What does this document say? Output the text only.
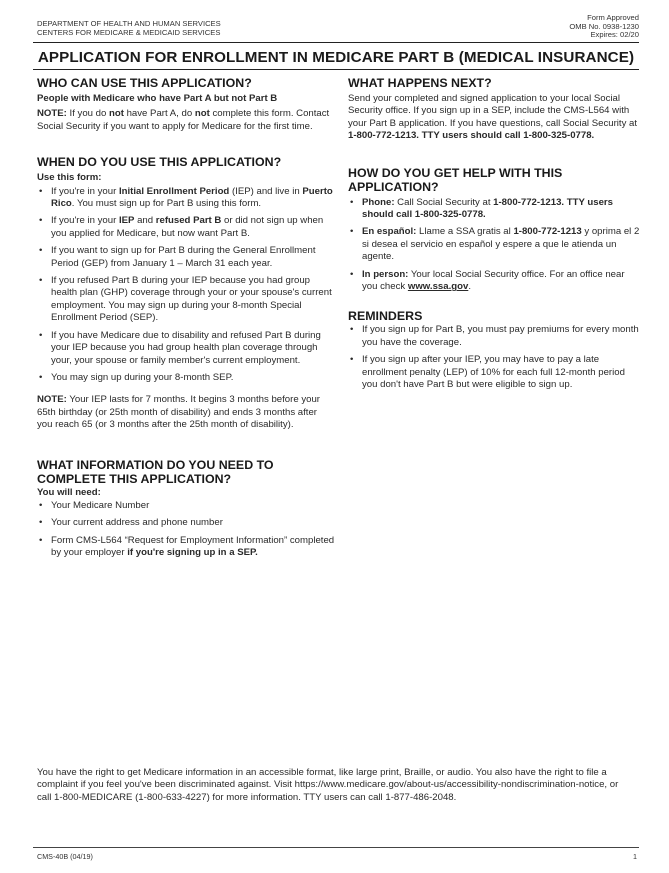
DEPARTMENT OF HEALTH AND HUMAN SERVICES
CENTERS FOR MEDICARE & MEDICAID SERVICES
Form Approved
OMB No. 0938-1230
Expires: 02/20
APPLICATION FOR ENROLLMENT IN MEDICARE PART B (MEDICAL INSURANCE)
WHO CAN USE THIS APPLICATION?

People with Medicare who have Part A but not Part B

NOTE: If you do not have Part A, do not complete this form. Contact Social Security if you want to apply for Medicare for the first time.

WHEN DO YOU USE THIS APPLICATION?

Use this form:

• If you're in your Initial Enrollment Period (IEP) and live in Puerto Rico. You must sign up for Part B using this form.
• If you're in your IEP and refused Part B or did not sign up when you applied for Medicare, but now want Part B.
• If you want to sign up for Part B during the General Enrollment Period (GEP) from January 1 – March 31 each year.
• If you refused Part B during your IEP because you had group health plan (GHP) coverage through your or your spouse's current employment. You may sign up during your 8-month Special Enrollment Period (SEP).
• If you have Medicare due to disability and refused Part B during your IEP because you had group health plan coverage through your, your spouse or family member's current employment.
• You may sign up during your 8-month SEP.

NOTE: Your IEP lasts for 7 months. It begins 3 months before your 65th birthday (or 25th month of disability) and ends 3 months after you reach 65 (or 3 months after the 25th month of disability).

WHAT INFORMATION DO YOU NEED TO COMPLETE THIS APPLICATION?

You will need:

• Your Medicare Number
• Your current address and phone number
• Form CMS-L564 “Request for Employment Information” completed by your employer if you're signing up in a SEP.
WHAT HAPPENS NEXT?

Send your completed and signed application to your local Social Security office. If you sign up in a SEP, include the CMS-L564 with your Part B application. If you have questions, call Social Security at 1-800-772-1213. TTY users should call 1-800-325-0778.

HOW DO YOU GET HELP WITH THIS APPLICATION?
• Phone: Call Social Security at 1-800-772-1213. TTY users should call 1-800-325-0778.
• En español: Llame a SSA gratis al 1-800-772-1213 y oprima el 2 si desea el servicio en español y espere a que le atienda un agente.
• In person: Your local Social Security office. For an office near you check www.ssa.gov.
REMINDERS
• If you sign up for Part B, you must pay premiums for every month you have the coverage.
• If you sign up after your IEP, you may have to pay a late enrollment penalty (LEP) of 10% for each full 12-month period you don't have Part B but were eligible to sign up.
You have the right to get Medicare information in an accessible format, like large print, Braille, or audio. You also have the right to file a complaint if you feel you've been discriminated against. Visit https://www.medicare.gov/about-us/accessibility-nondiscrimination-notice, or call 1-800-MEDICARE (1-800-633-4227) for more information. TTY users can call 1-877-486-2048.
CMS-40B (04/19)	1
